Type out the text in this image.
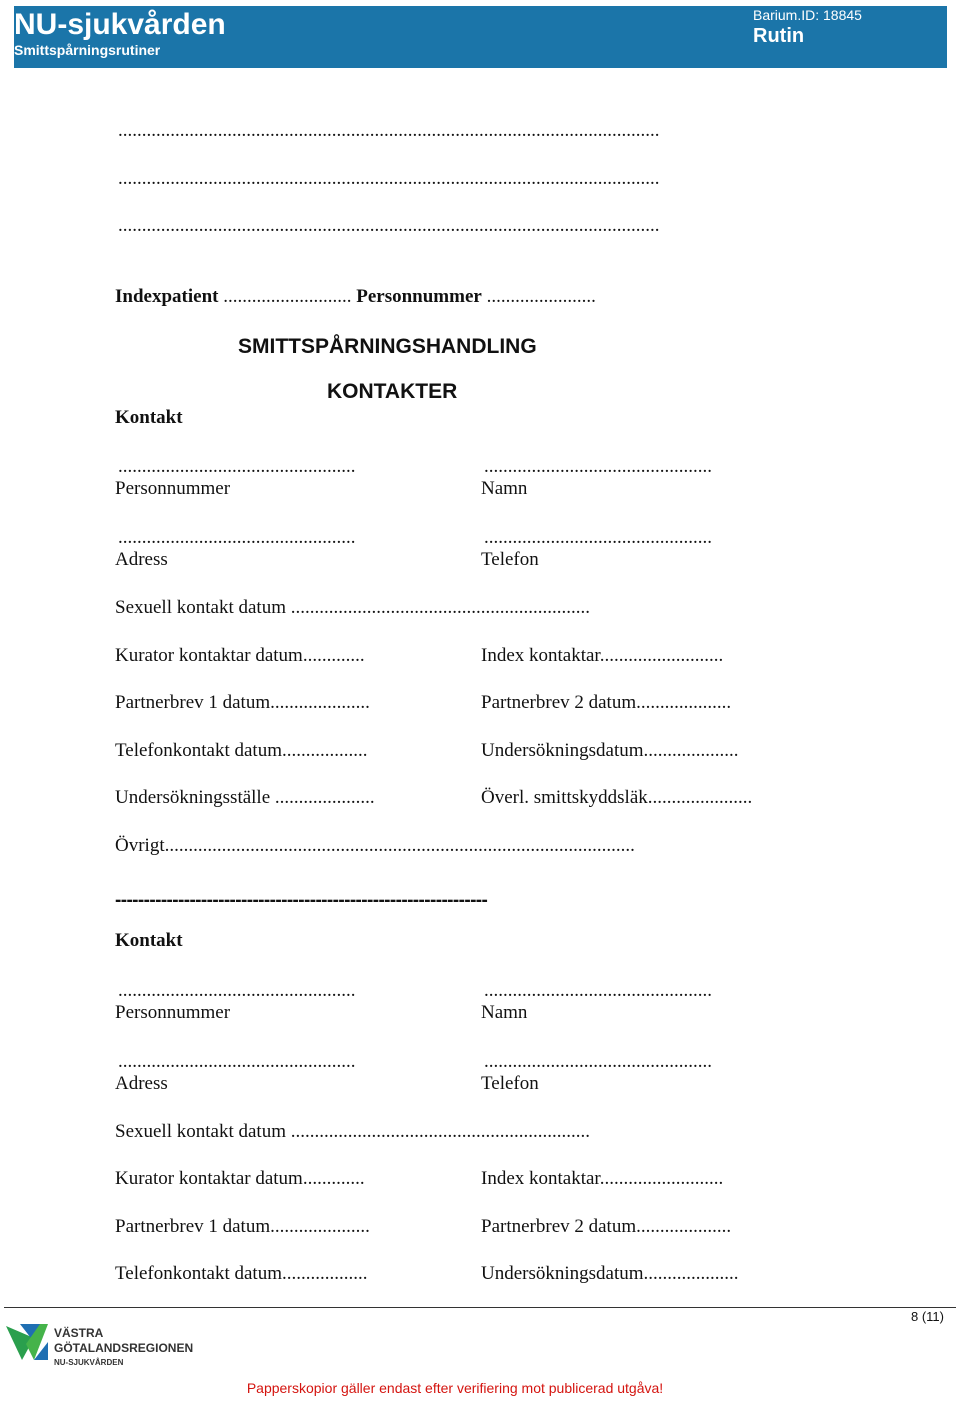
NU-sjukvården
Smittspårningsrutiner
Barium.ID: 18845
Rutin
..................................................................................................................
..................................................................................................................
..................................................................................................................
Indexpatient ........................... Personnummer .......................
SMITTSPÅRNINGSHANDLING
KONTAKTER
Kontakt
..................................................	................................................
Personnummer	Namn
..................................................	................................................
Adress	Telefon
Sexuell kontakt datum ...............................................................
Kurator kontaktar datum.............	Index kontaktar..........................
Partnerbrev 1 datum.....................	Partnerbrev 2 datum....................
Telefonkontakt datum..................	Undersökningsdatum....................
Undersökningsställe .....................	Överl. smittskyddsläk......................
Övrigt...................................................................................................
-----------------------------------------------------------------
Kontakt
..................................................	................................................
Personnummer	Namn
..................................................	................................................
Adress	Telefon
Sexuell kontakt datum ...............................................................
Kurator kontaktar datum.............	Index kontaktar..........................
Partnerbrev 1 datum.....................	Partnerbrev 2 datum....................
Telefonkontakt datum..................	Undersökningsdatum....................
8 (11)
VÄSTRA
GÖTALANDSREGIONEN
NU-SJUKVÅRDEN
Papperskopior gäller endast efter verifiering mot publicerad utgåva!
